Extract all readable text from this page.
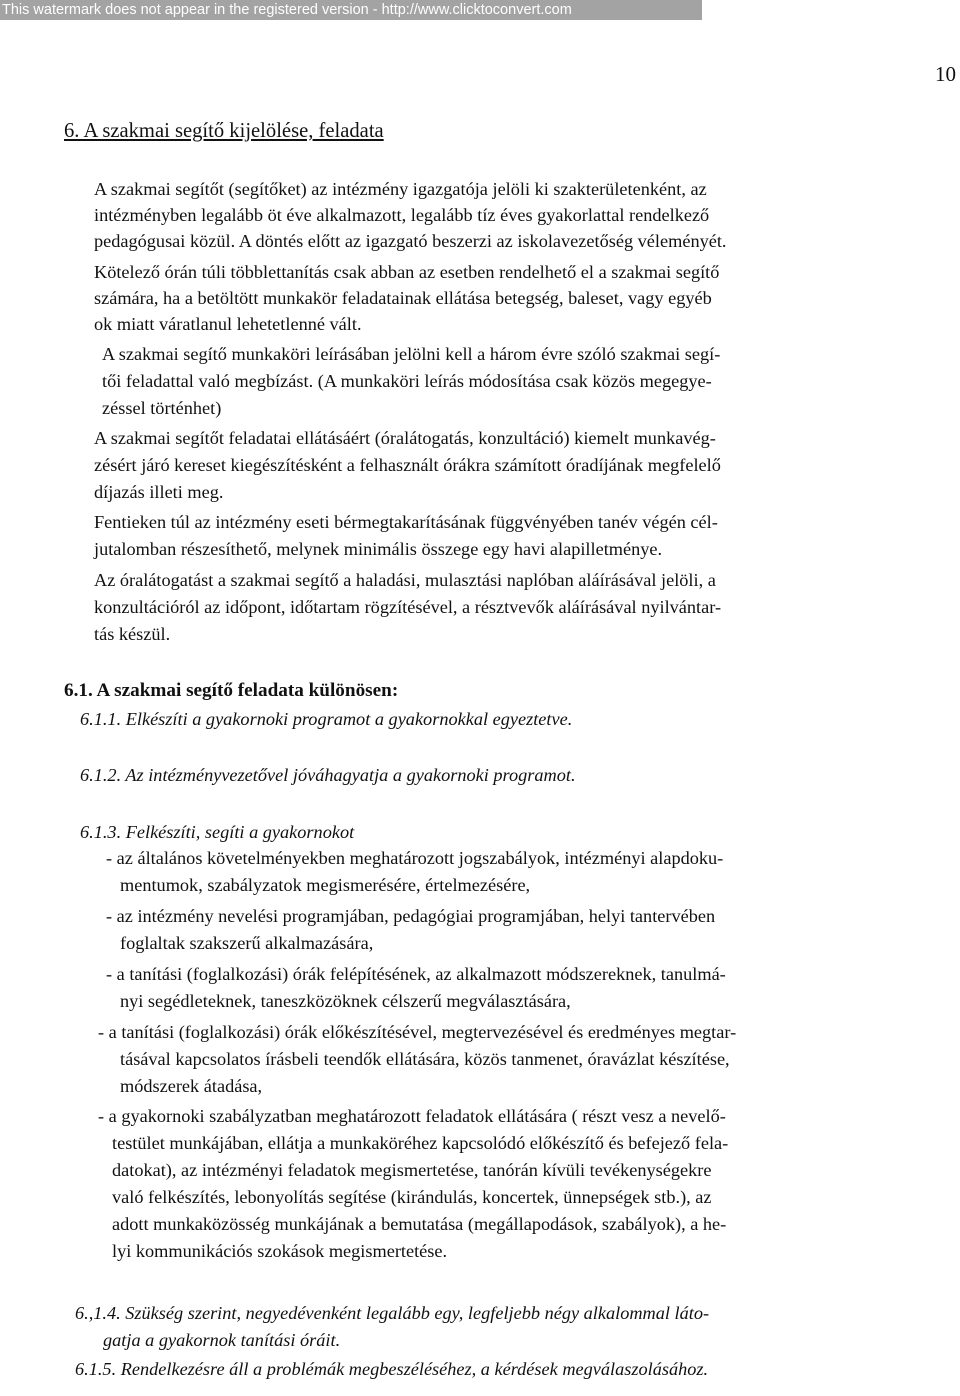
This watermark does not appear in the registered version - http://www.clicktoconvert.com
10
6. A szakmai segítő kijelölése, feladata
A szakmai segítőt (segítőket) az intézmény igazgatója jelöli ki szakterületenként, az
intézményben legalább öt éve alkalmazott, legalább tíz éves gyakorlattal rendelkező
pedagógusai közül. A döntés előtt az igazgató beszerzi az iskolavezetőség véleményét.
Kötelező órán túli többlettanítás csak abban az esetben rendelhető el a szakmai segítő
számára, ha a betöltött munkakör feladatainak ellátása betegség, baleset, vagy egyéb
ok miatt váratlanul lehetetlenné vált.
A szakmai segítő munkaköri leírásában jelölni kell a három évre szóló szakmai segí-
tői feladattal való megbízást. (A munkaköri leírás módosítása csak közös megegye-
zéssel történhet)
A szakmai segítőt feladatai ellátásáért (óralátogatás, konzultáció) kiemelt munkavég-
zésért járó kereset kiegészítésként a felhasznált órákra számított óradíjának megfelelő
díjazás illeti meg.
Fentieken túl az intézmény eseti bérmegtakarításának függvényében tanév végén cél-
jutalomban részesíthető, melynek minimális összege egy havi alapilletménye.
Az óralátogatást a szakmai segítő a haladási, mulasztási naplóban aláírásával jelöli, a
konzultációról az időpont, időtartam rögzítésével, a résztvevők aláírásával nyilvántar-
tás készül.
6.1. A szakmai segítő feladata különösen:
6.1.1. Elkészíti a gyakornoki programot a gyakornokkal egyeztetve.
6.1.2. Az intézményvezetővel jóváhagyatja a gyakornoki programot.
6.1.3. Felkészíti, segíti a gyakornokot
- az általános követelményekben meghatározott jogszabályok, intézményi alapdoku-
mentumok, szabályzatok megismerésére, értelmezésére,
- az intézmény nevelési programjában, pedagógiai programjában, helyi tantervében
foglaltak szakszerű alkalmazására,
- a tanítási (foglalkozási) órák felépítésének, az alkalmazott módszereknek, tanulmá-
nyi segédleteknek, taneszközöknek célszerű megválasztására,
- a tanítási (foglalkozási) órák előkészítésével, megtervezésével és eredményes megtar-
tásával kapcsolatos írásbeli teendők ellátására, közös tanmenet, óravázlat készítése,
módszerek átadása,
- a gyakornoki szabályzatban meghatározott feladatok ellátására ( részt vesz a nevelő-
testület munkájában, ellátja a munkaköréhez kapcsolódó előkészítő és befejező fela-
datokat), az intézményi feladatok megismertetése, tanórán kívüli tevékenységekre
való felkészítés, lebonyolítás segítése (kirándulás, koncertek, ünnepségek stb.), az
adott munkaközösség munkájának a bemutatása (megállapodások, szabályok), a he-
lyi kommunikációs szokások megismertetése.
6.,1.4. Szükség szerint, negyedévenként legalább egy, legfeljebb négy alkalommal láto-
gatja a gyakornok tanítási óráit.
6.1.5. Rendelkezésre áll a problémák megbeszéléséhez, a kérdések megválaszolásához.
